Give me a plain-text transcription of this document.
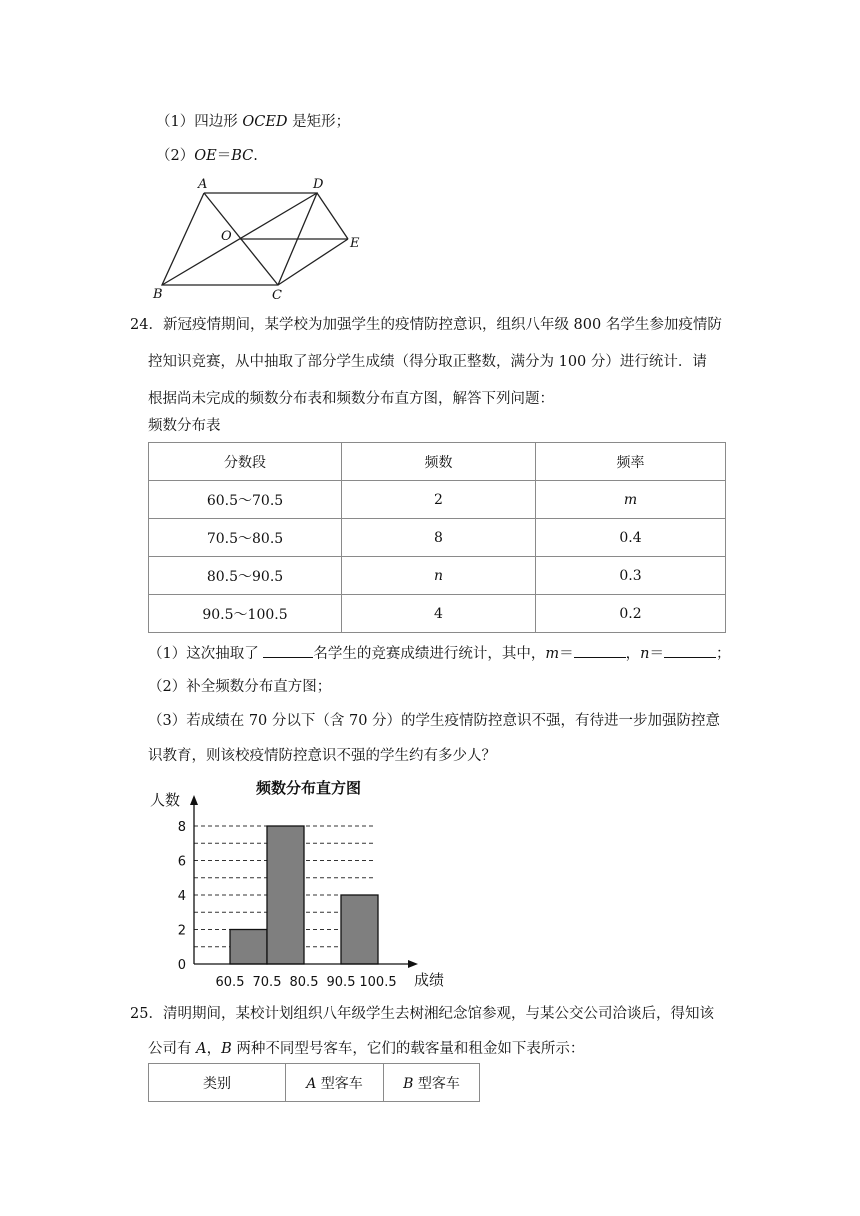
（1）四边形 OCED 是矩形；
（2）OE＝BC.
A	D
O	E
B	C
24．新冠疫情期间，某学校为加强学生的疫情防控意识，组织八年级 800 名学生参加疫情防
控知识竞赛，从中抽取了部分学生成绩（得分取正整数，满分为 100 分）进行统计．请
根据尚未完成的频数分布表和频数分布直方图，解答下列问题：
频数分布表
分数段	频数	频率
60.5～70.5	2	m
70.5～80.5	8	0.4
80.5～90.5	n	0.3
90.5～100.5	4	0.2
（1）这次抽取了	名学生的竞赛成绩进行统计，其中，m＝	，n＝	；
（2）补全频数分布直方图；
（3）若成绩在 70 分以下（含 70 分）的学生疫情防控意识不强，有待进一步加强防控意
识教育，则该校疫情防控意识不强的学生约有多少人？
0
2
4
6
8
60.5 70.5 80.5 90.5 100.5
频数分布直方图
人数
成绩
25．清明期间，某校计划组织八年级学生去树湘纪念馆参观，与某公交公司洽谈后，得知该
公司有 A，B 两种不同型号客车，它们的载客量和租金如下表所示：
类别	A 型客车	B 型客车
